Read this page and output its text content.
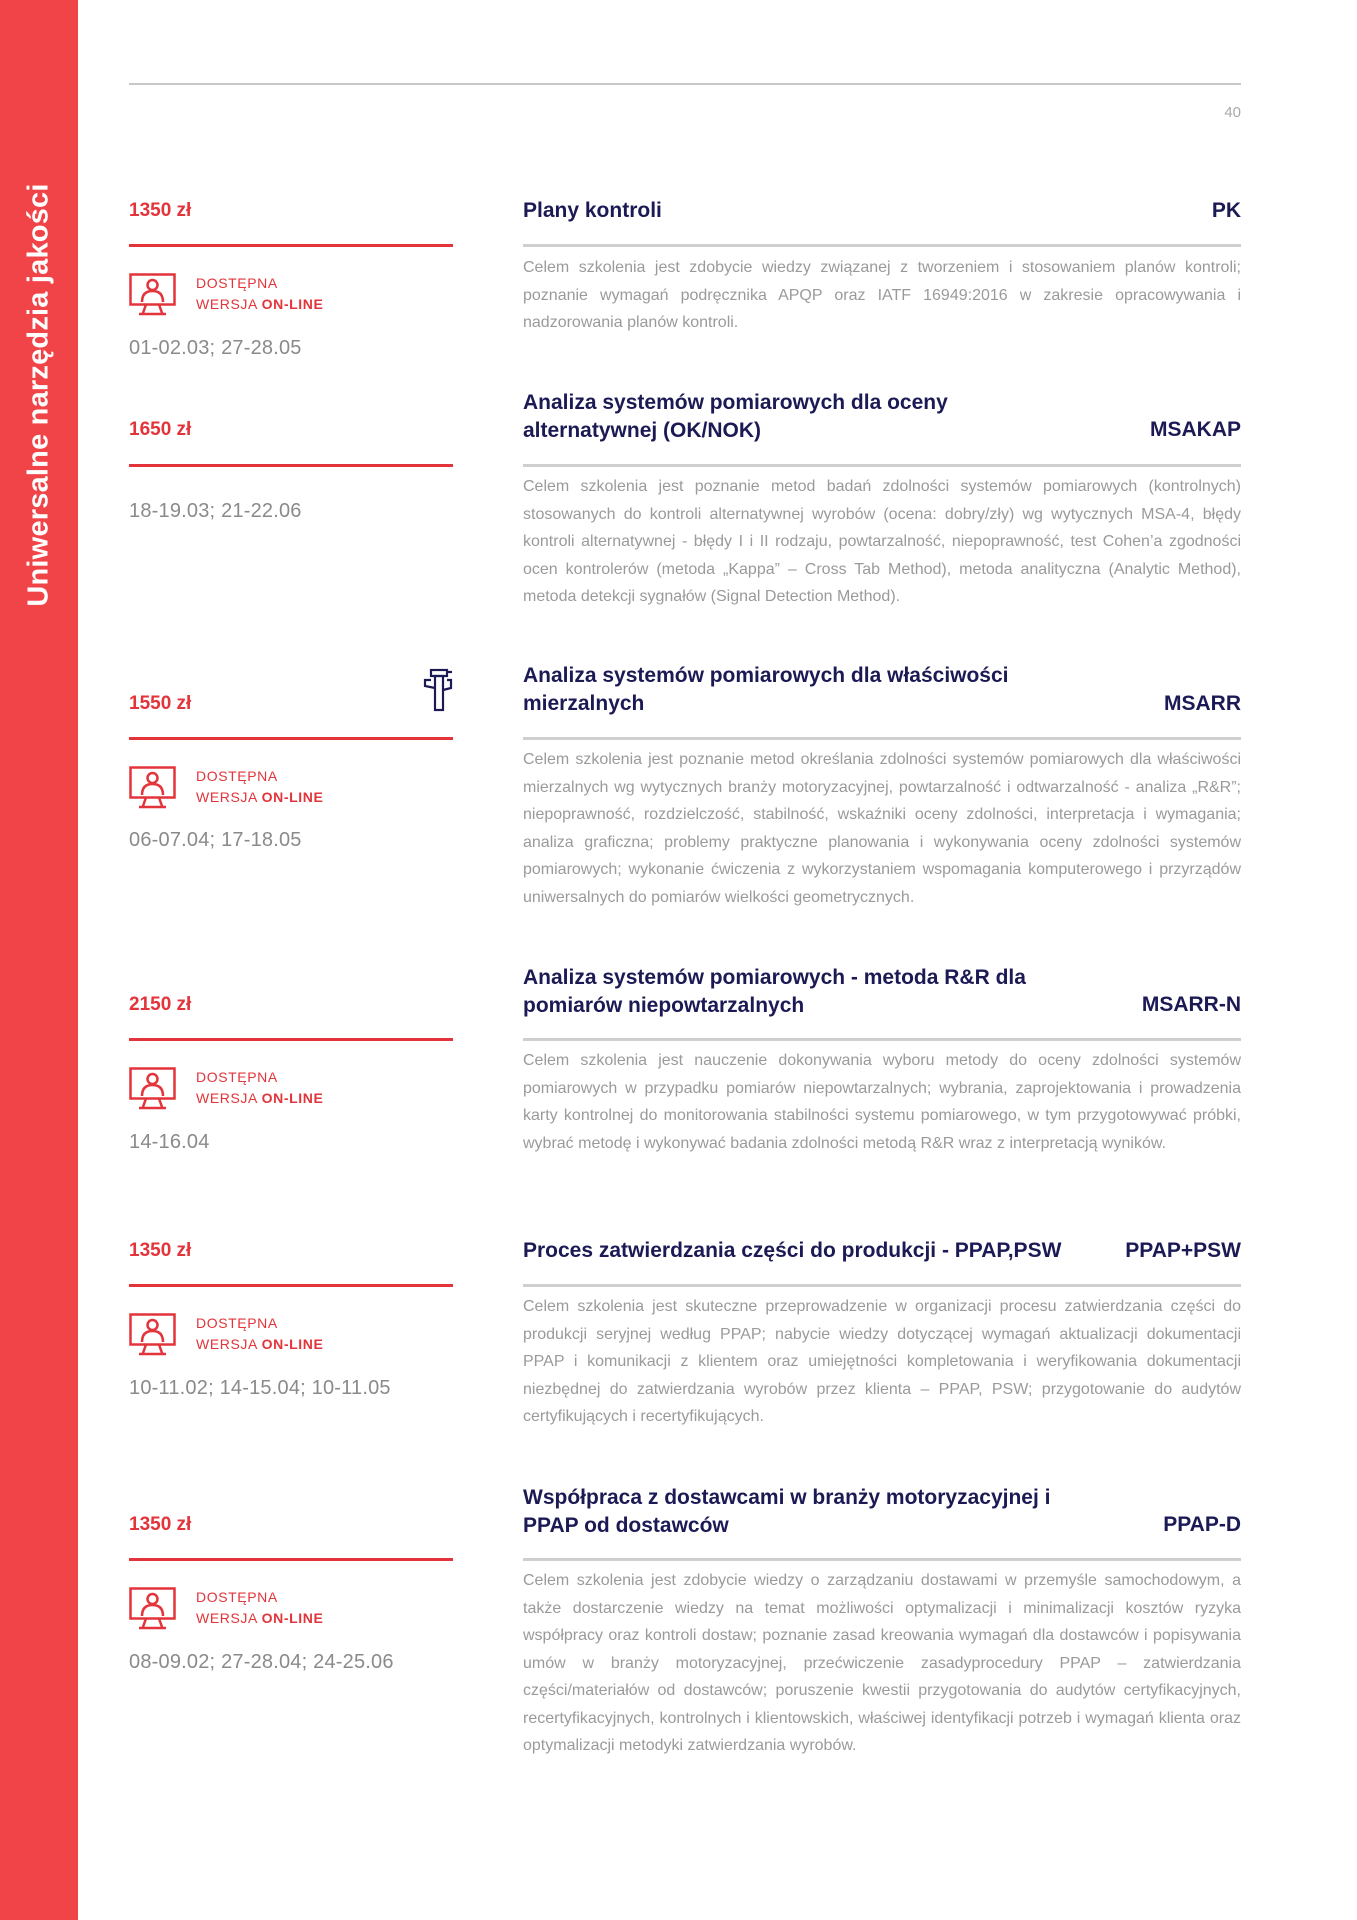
Uniwersalne narzędzia jakości
40
1350 zł
DOSTĘPNA
WERSJA ON-LINE
01-02.03; 27-28.05
Plany kontroli	PK

Celem szkolenia jest zdobycie wiedzy związanej z tworzeniem i stosowaniem planów kontroli; poznanie wymagań podręcznika APQP oraz IATF 16949:2016 w zakresie opracowywania i nadzorowania planów kontroli.

1650 zł
18-19.03; 21-22.06
Analiza systemów pomiarowych dla oceny alternatywnej (OK/NOK)	MSAKAP

Celem szkolenia jest poznanie metod badań zdolności systemów pomiarowych (kontrolnych) stosowanych do kontroli alternatywnej wyrobów (ocena: dobry/zły) wg wytycznych MSA-4, błędy kontroli alternatywnej - błędy I i II rodzaju, powtarzalność, niepoprawność, test Cohen’a zgodności ocen kontrolerów (metoda „Kappa” – Cross Tab Method), metoda analityczna (Analytic Method), metoda detekcji sygnałów (Signal Detection Method).

1550 zł
DOSTĘPNA
WERSJA ON-LINE
06-07.04; 17-18.05
Analiza systemów pomiarowych dla właściwości mierzalnych	MSARR

Celem szkolenia jest poznanie metod określania zdolności systemów pomiarowych dla właściwości mierzalnych wg wytycznych branży motoryzacyjnej, powtarzalność i odtwarzalność - analiza „R&R”; niepoprawność, rozdzielczość, stabilność, wskaźniki oceny zdolności, interpretacja i wymagania; analiza graficzna; problemy praktyczne planowania i wykonywania oceny zdolności systemów pomiarowych; wykonanie ćwiczenia z wykorzystaniem wspomagania komputerowego i przyrządów uniwersalnych do pomiarów wielkości geometrycznych.

2150 zł
DOSTĘPNA
WERSJA ON-LINE
14-16.04
Analiza systemów pomiarowych - metoda R&R dla pomiarów niepowtarzalnych	MSARR-N

Celem szkolenia jest nauczenie dokonywania wyboru metody do oceny zdolności systemów pomiarowych w przypadku pomiarów niepowtarzalnych; wybrania, zaprojektowania i prowadzenia karty kontrolnej do monitorowania stabilności systemu pomiarowego, w tym przygotowywać próbki, wybrać metodę i wykonywać badania zdolności metodą R&R wraz z interpretacją wyników.

1350 zł
DOSTĘPNA
WERSJA ON-LINE
10-11.02; 14-15.04; 10-11.05
Proces zatwierdzania części do produkcji - PPAP,PSW	PPAP+PSW

Celem szkolenia jest skuteczne przeprowadzenie w organizacji procesu zatwierdzania części do produkcji seryjnej według PPAP; nabycie wiedzy dotyczącej wymagań aktualizacji dokumentacji PPAP i komunikacji z klientem oraz umiejętności kompletowania i weryfikowania dokumentacji niezbędnej do zatwierdzania wyrobów przez klienta – PPAP, PSW; przygotowanie do audytów certyfikujących i recertyfikujących.

1350 zł
DOSTĘPNA
WERSJA ON-LINE
08-09.02; 27-28.04; 24-25.06
Współpraca z dostawcami w branży motoryzacyjnej i PPAP od dostawców	PPAP-D

Celem szkolenia jest zdobycie wiedzy o zarządzaniu dostawami w przemyśle samochodowym, a także dostarczenie wiedzy na temat możliwości optymalizacji i minimalizacji kosztów ryzyka współpracy oraz kontroli dostaw; poznanie zasad kreowania wymagań dla dostawców i popisywania umów w branży motoryzacyjnej, przećwiczenie zasadyprocedury PPAP – zatwierdzania części/materiałów od dostawców; poruszenie kwestii przygotowania do audytów certyfikacyjnych, recertyfikacyjnych, kontrolnych i klientowskich, właściwej identyfikacji potrzeb i wymagań klienta oraz optymalizacji metodyki zatwierdzania wyrobów.
